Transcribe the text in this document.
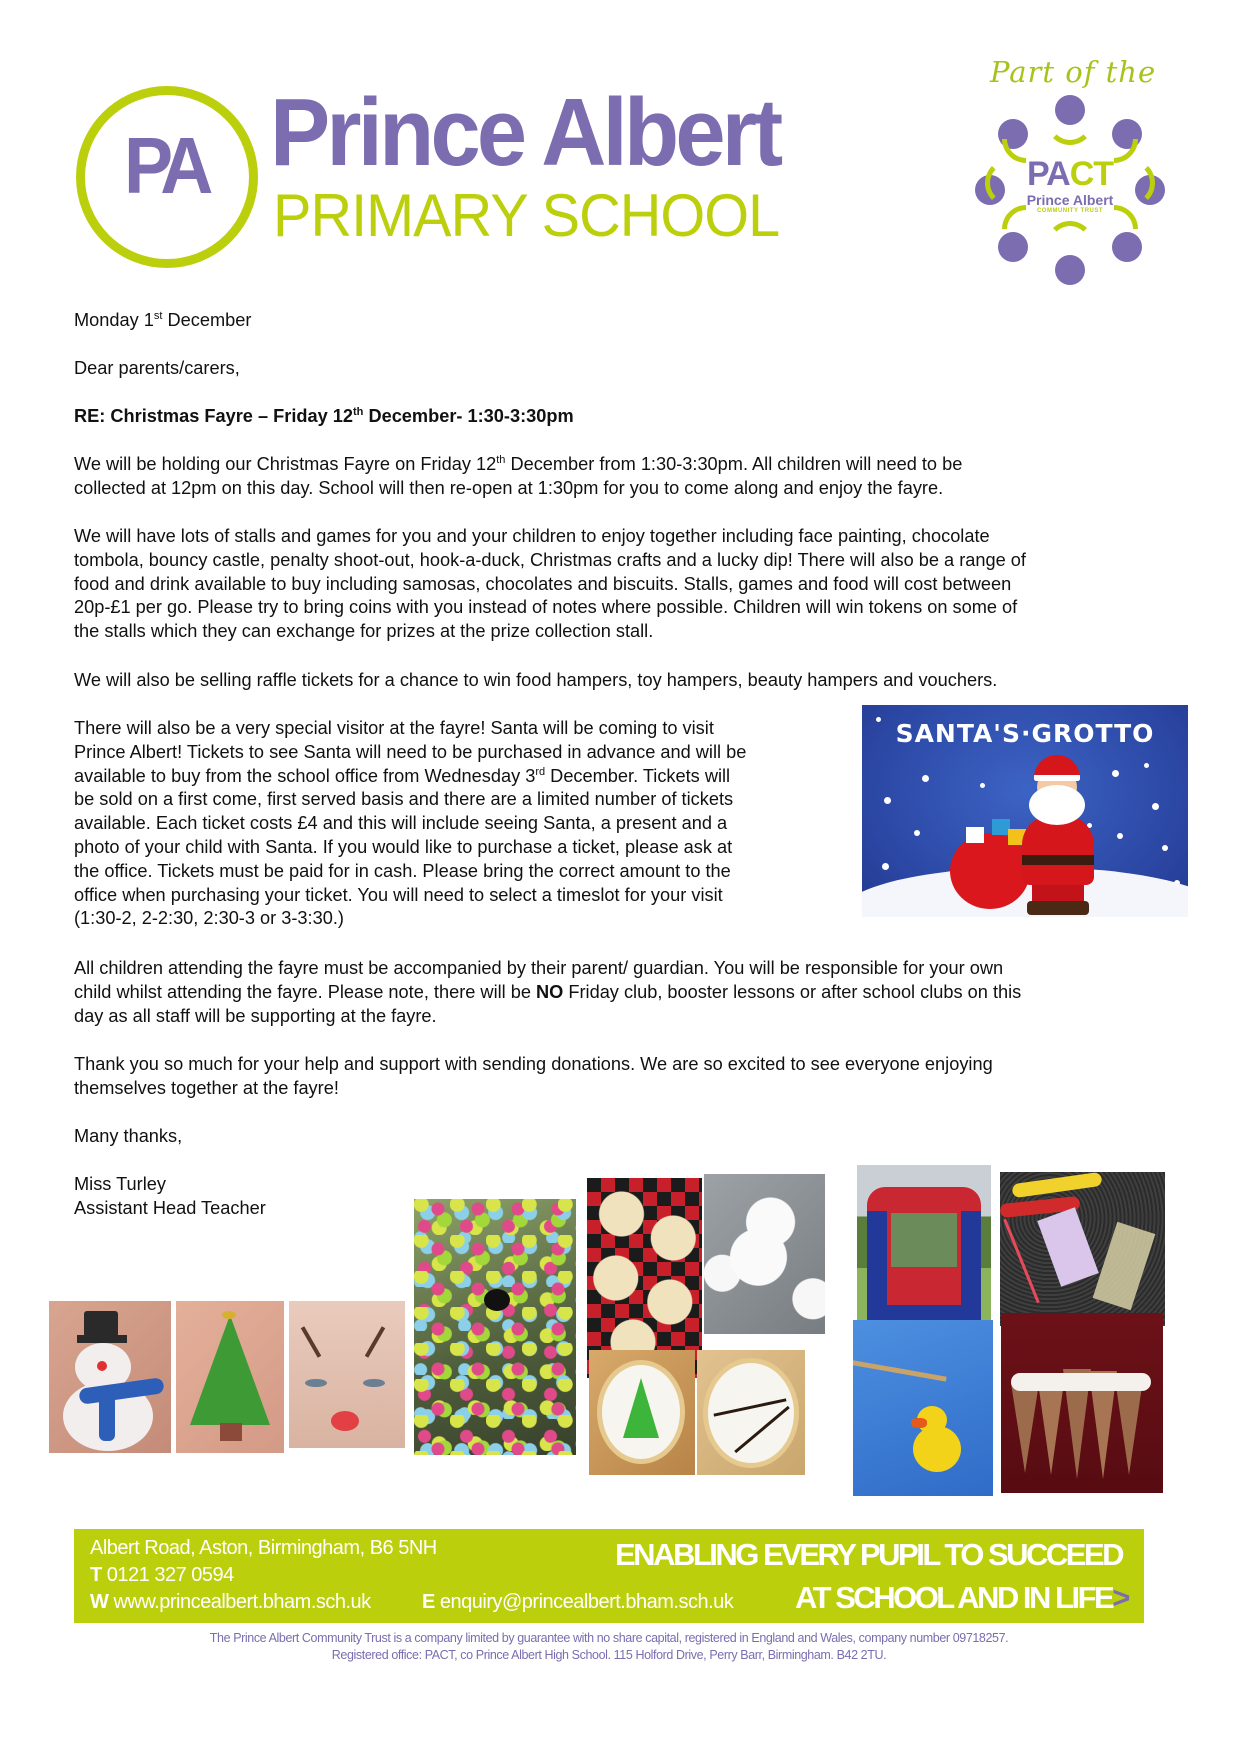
PA Prince Albert
PRIMARY SCHOOL
Part of the
PACT
Prince Albert
COMMUNITY TRUST
Monday 1st December
Dear parents/carers,
RE: Christmas Fayre – Friday 12th December- 1:30-3:30pm
We will be holding our Christmas Fayre on Friday 12th December from 1:30-3:30pm. All children will need to be
collected at 12pm on this day. School will then re-open at 1:30pm for you to come along and enjoy the fayre.
We will have lots of stalls and games for you and your children to enjoy together including face painting, chocolate
tombola, bouncy castle, penalty shoot-out, hook-a-duck, Christmas crafts and a lucky dip! There will also be a range of
food and drink available to buy including samosas, chocolates and biscuits. Stalls, games and food will cost between
20p-£1 per go. Please try to bring coins with you instead of notes where possible. Children will win tokens on some of
the stalls which they can exchange for prizes at the prize collection stall.
We will also be selling raffle tickets for a chance to win food hampers, toy hampers, beauty hampers and vouchers.
There will also be a very special visitor at the fayre! Santa will be coming to visit
Prince Albert! Tickets to see Santa will need to be purchased in advance and will be
available to buy from the school office from Wednesday 3rd December. Tickets will
be sold on a first come, first served basis and there are a limited number of tickets
available. Each ticket costs £4 and this will include seeing Santa, a present and a
photo of your child with Santa. If you would like to purchase a ticket, please ask at
the office. Tickets must be paid for in cash. Please bring the correct amount to the
office when purchasing your ticket. You will need to select a timeslot for your visit
(1:30-2, 2-2:30, 2:30-3 or 3-3:30.)
SANTA'S·GROTTO
All children attending the fayre must be accompanied by their parent/ guardian. You will be responsible for your own
child whilst attending the fayre. Please note, there will be NO Friday club, booster lessons or after school clubs on this
day as all staff will be supporting at the fayre.
Thank you so much for your help and support with sending donations. We are so excited to see everyone enjoying
themselves together at the fayre!
Many thanks,
Miss Turley
Assistant Head Teacher
Albert Road, Aston, Birmingham, B6 5NH
T 0121 327 0594
W www.princealbert.bham.sch.uk	E enquiry@princealbert.bham.sch.uk
ENABLING EVERY PUPIL TO SUCCEED
AT SCHOOL AND IN LIFE>
The Prince Albert Community Trust is a company limited by guarantee with no share capital, registered in England and Wales, company number 09718257.
Registered office: PACT, co Prince Albert High School. 115 Holford Drive, Perry Barr, Birmingham. B42 2TU.
